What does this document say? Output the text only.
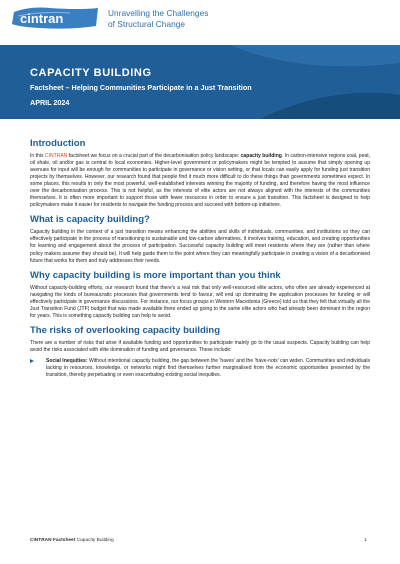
cintran	Unravelling the Challenges
of Structural Change
CAPACITY BUILDING
Factsheet – Helping Communities Participate in a Just Transition
APRIL 2024
Introduction

In this CINTRAN factsheet we focus on a crucial part of the decarbonisation policy landscape: capacity building. In carbon-intensive regions coal, peat, oil shale, oil and/or gas is central to local economies. Higher-level government or policymakers might be tempted to assume that simply opening up avenues for input will be enough for communities to participate in governance or vision setting, or that locals can easily apply for funding just transition projects by themselves. However, our research found that people find it much more difficult to do these things than governments sometimes expect. In some places, this results in only the most powerful, well-established interests winning the majority of funding, and therefore having the most influence over the decarbonisation process. This is not helpful, as the interests of elite actors are not always aligned with the interests of the communities themselves. It is often more important to support those with fewer resources in order to ensure a just transition. This factsheet is designed to help policymakers make it easier for residents to navigate the funding process and succeed with bottom-up initiatives.

What is capacity building?

Capacity building in the context of a just transition means enhancing the abilities and skills of individuals, communities, and institutions so they can effectively participate in the process of transitioning to sustainable and low-carbon alternatives. It involves training, education, and creating opportunities for learning and engagement about the process of participation. Successful capacity building will meet residents where they are (rather than where policy makers assume they should be). It will help guide them to the point where they can meaningfully participate in creating a vision of a decarbonised future that works for them and truly addresses their needs.

Why capacity building is more important than you think

Without capacity-building efforts, our research found that there's a real risk that only well-resourced elite actors, who often are already experienced at navigating the kinds of bureaucratic processes that governments tend to favour, will end up dominating the application processes for funding or will effectively participate in governance discussions. For instance, our focus groups in Western Macedonia (Greece) told us that they felt that virtually all the Just Transition Fund (JTF) budget that was made available there ended up going to the same elite actors who had already been dominant in the region for years. This is something capacity building can help to avoid.

The risks of overlooking capacity building

There are a number of risks that arise if available funding and opportunities to participate mainly go to the usual suspects. Capacity building can help avoid the risks associated with elite domination of funding and governance. These include:

Social Inequities: Without intentional capacity building, the gap between the 'haves' and the 'have-nots' can widen. Communities and individuals lacking in resources, knowledge, or networks might find themselves further marginalised from the economic opportunities presented by the transition, thereby perpetuating or even exacerbating existing social inequities.
CINTRAN Factsheet Capacity Building	1
